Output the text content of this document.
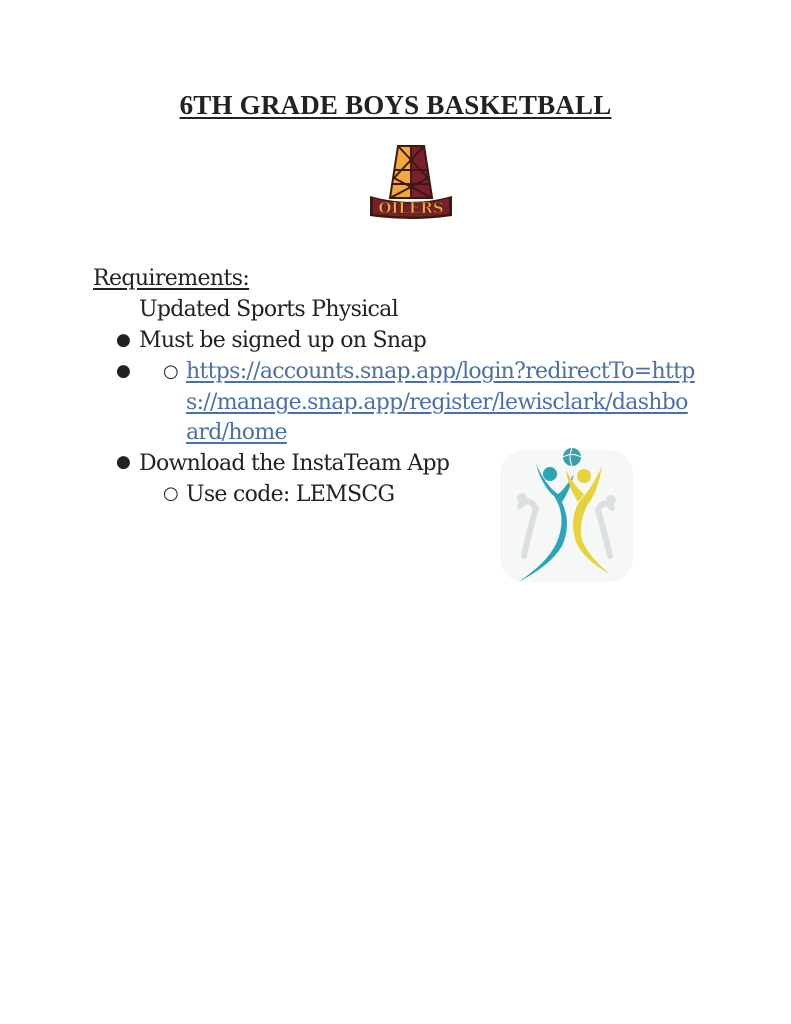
6TH GRADE BOYS BASKETBALL
OILERS
Requirements:
●
Updated Sports Physical
●
Must be signed up on Snap
○ https://accounts.snap.app/login?redirectTo=http
s://manage.snap.app/register/lewisclark/dashbo
ard/home
● Download the InstaTeam App
○ Use code: LEMSCG
